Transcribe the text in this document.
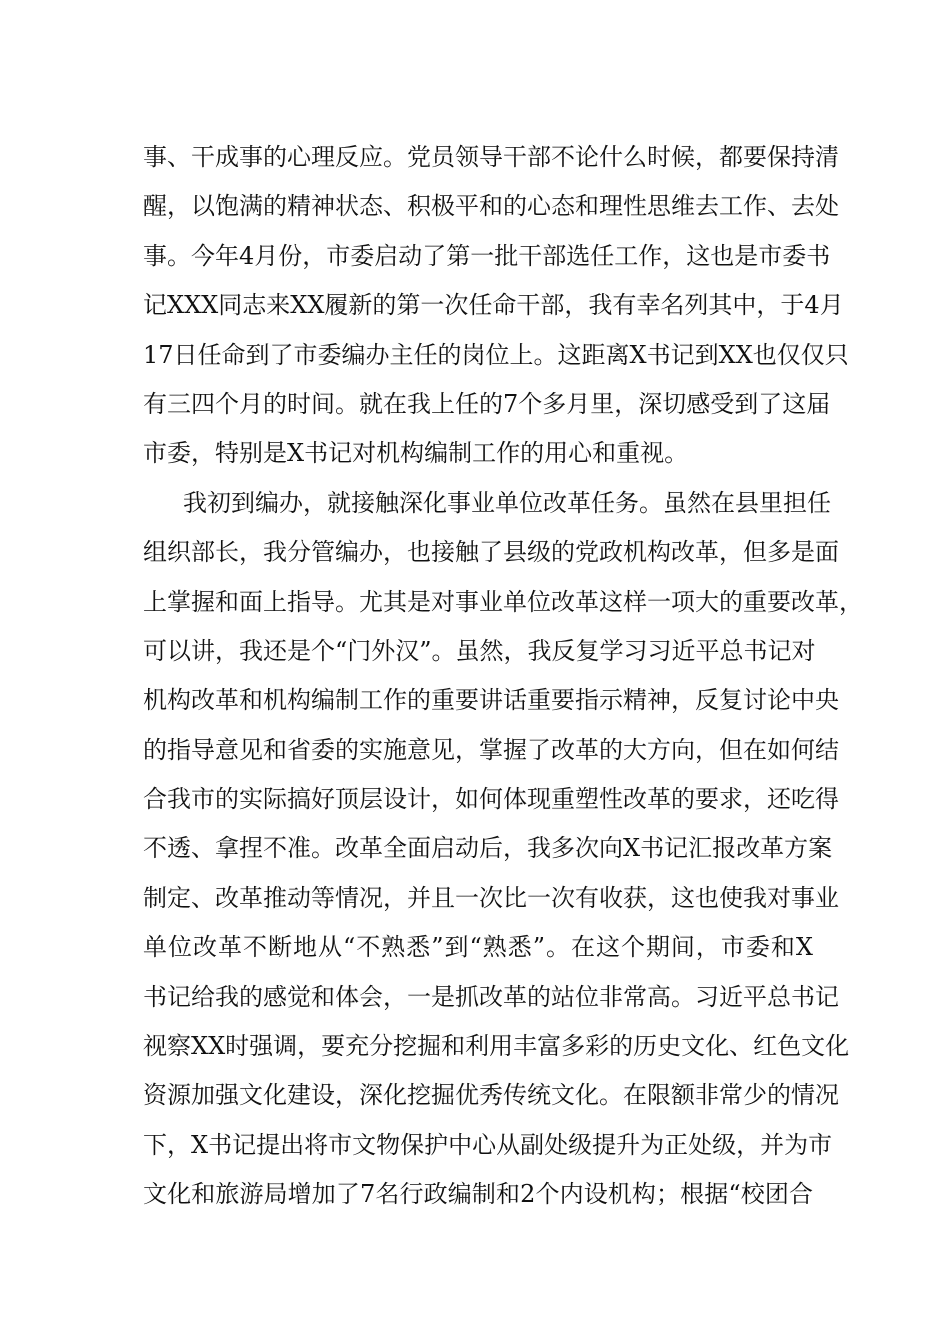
事、干成事的心理反应。党员领导干部不论什么时候，都要保持清
醒，以饱满的精神状态、积极平和的心态和理性思维去工作、去处
事。今年4月份，市委启动了第一批干部选任工作，这也是市委书
记XXX同志来XX履新的第一次任命干部，我有幸名列其中，于4月
17日任命到了市委编办主任的岗位上。这距离X书记到XX也仅仅只
有三四个月的时间。就在我上任的7个多月里，深切感受到了这届
市委，特别是X书记对机构编制工作的用心和重视。
我初到编办，就接触深化事业单位改革任务。虽然在县里担任
组织部长，我分管编办，也接触了县级的党政机构改革，但多是面
上掌握和面上指导。尤其是对事业单位改革这样一项大的重要改革，
可以讲，我还是个“门外汉”。虽然，我反复学习习近平总书记对
机构改革和机构编制工作的重要讲话重要指示精神，反复讨论中央
的指导意见和省委的实施意见，掌握了改革的大方向，但在如何结
合我市的实际搞好顶层设计，如何体现重塑性改革的要求，还吃得
不透、拿捏不准。改革全面启动后，我多次向X书记汇报改革方案
制定、改革推动等情况，并且一次比一次有收获，这也使我对事业
单位改革不断地从“不熟悉”到“熟悉”。在这个期间，市委和X
书记给我的感觉和体会，一是抓改革的站位非常高。习近平总书记
视察XX时强调，要充分挖掘和利用丰富多彩的历史文化、红色文化
资源加强文化建设，深化挖掘优秀传统文化。在限额非常少的情况
下，X书记提出将市文物保护中心从副处级提升为正处级，并为市
文化和旅游局增加了7名行政编制和2个内设机构；根据“校团合
